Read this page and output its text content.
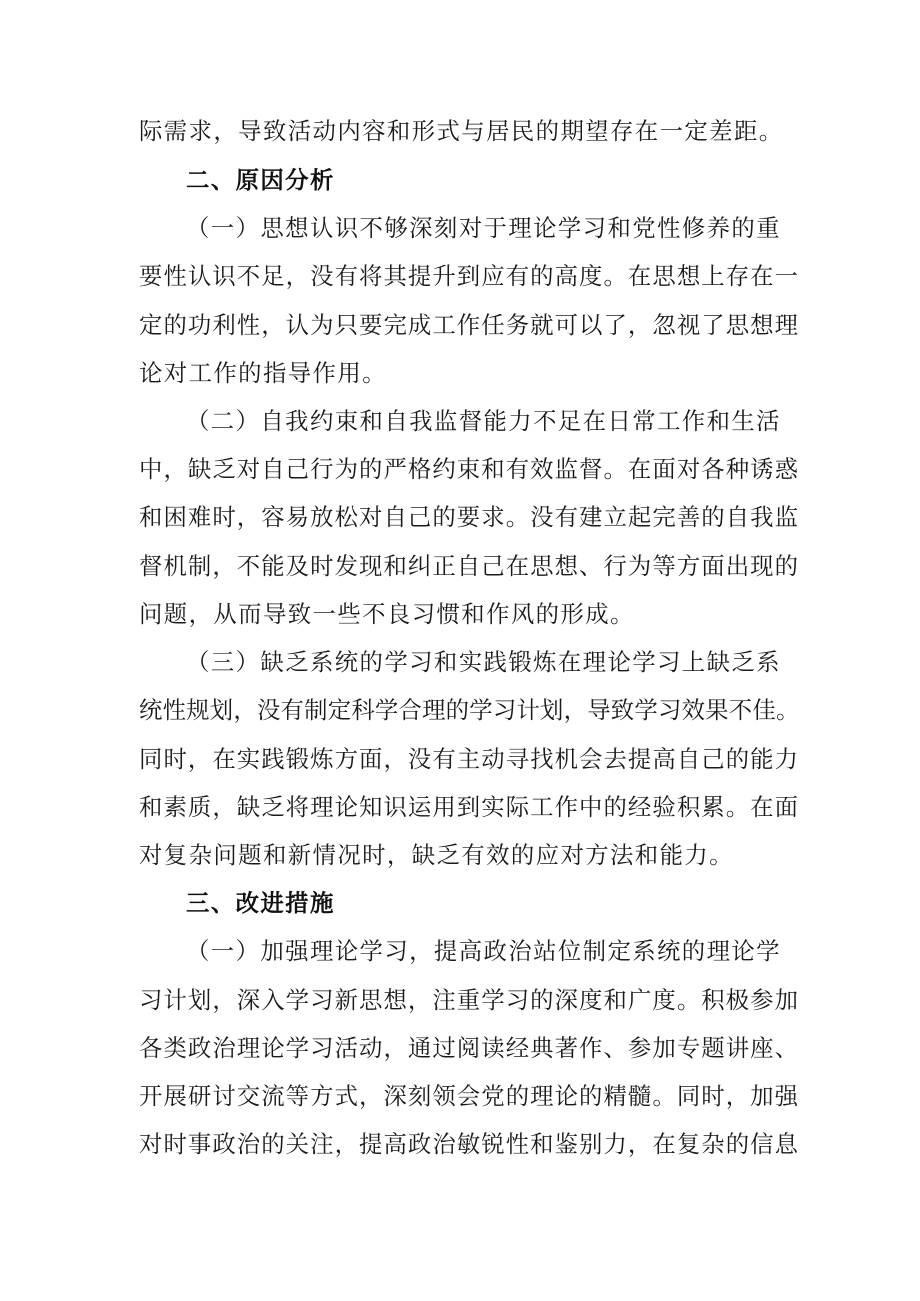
际需求，导致活动内容和形式与居民的期望存在一定差距。
二、原因分析
（一）思想认识不够深刻对于理论学习和党性修养的重
要性认识不足，没有将其提升到应有的高度。在思想上存在一
定的功利性，认为只要完成工作任务就可以了，忽视了思想理
论对工作的指导作用。
（二）自我约束和自我监督能力不足在日常工作和生活
中，缺乏对自己行为的严格约束和有效监督。在面对各种诱惑
和困难时，容易放松对自己的要求。没有建立起完善的自我监
督机制，不能及时发现和纠正自己在思想、行为等方面出现的
问题，从而导致一些不良习惯和作风的形成。
（三）缺乏系统的学习和实践锻炼在理论学习上缺乏系
统性规划，没有制定科学合理的学习计划，导致学习效果不佳。
同时，在实践锻炼方面，没有主动寻找机会去提高自己的能力
和素质，缺乏将理论知识运用到实际工作中的经验积累。在面
对复杂问题和新情况时，缺乏有效的应对方法和能力。
三、改进措施
（一）加强理论学习，提高政治站位制定系统的理论学
习计划，深入学习新思想，注重学习的深度和广度。积极参加
各类政治理论学习活动，通过阅读经典著作、参加专题讲座、
开展研讨交流等方式，深刻领会党的理论的精髓。同时，加强
对时事政治的关注，提高政治敏锐性和鉴别力，在复杂的信息
